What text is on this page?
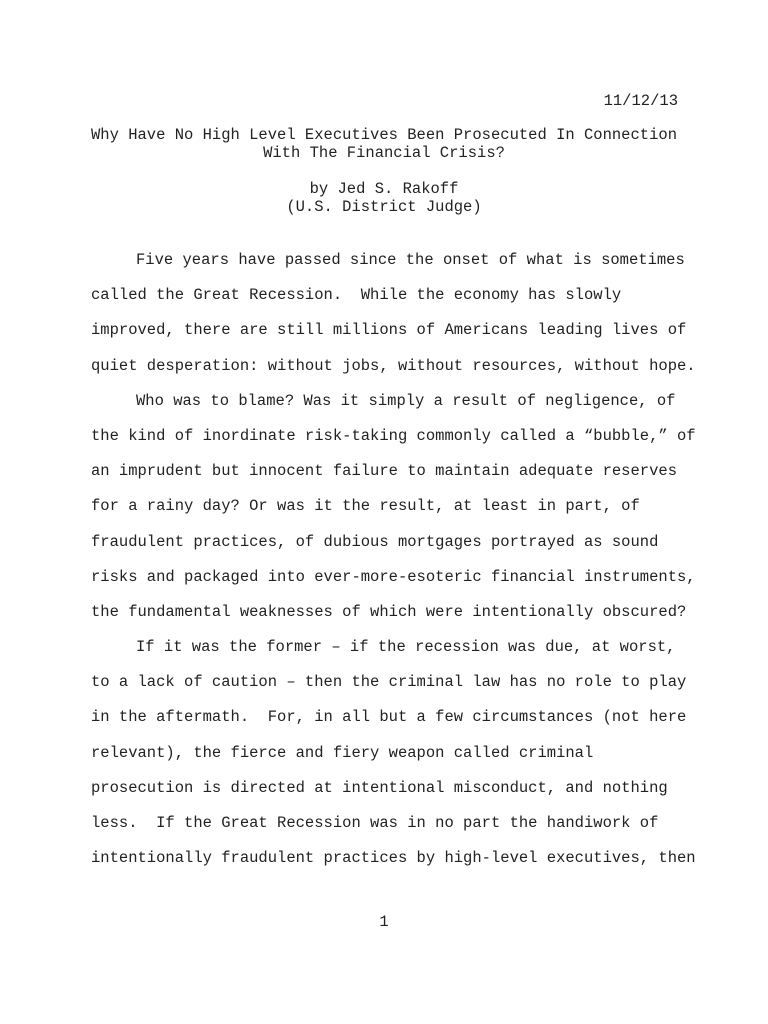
11/12/13
Why Have No High Level Executives Been Prosecuted In Connection
With The Financial Crisis?
by Jed S. Rakoff
(U.S. District Judge)
Five years have passed since the onset of what is sometimes
called the Great Recession.  While the economy has slowly
improved, there are still millions of Americans leading lives of
quiet desperation: without jobs, without resources, without hope.
Who was to blame? Was it simply a result of negligence, of
the kind of inordinate risk-taking commonly called a “bubble,” of
an imprudent but innocent failure to maintain adequate reserves
for a rainy day? Or was it the result, at least in part, of
fraudulent practices, of dubious mortgages portrayed as sound
risks and packaged into ever-more-esoteric financial instruments,
the fundamental weaknesses of which were intentionally obscured?
If it was the former – if the recession was due, at worst,
to a lack of caution – then the criminal law has no role to play
in the aftermath.  For, in all but a few circumstances (not here
relevant), the fierce and fiery weapon called criminal
prosecution is directed at intentional misconduct, and nothing
less.  If the Great Recession was in no part the handiwork of
intentionally fraudulent practices by high-level executives, then
1
